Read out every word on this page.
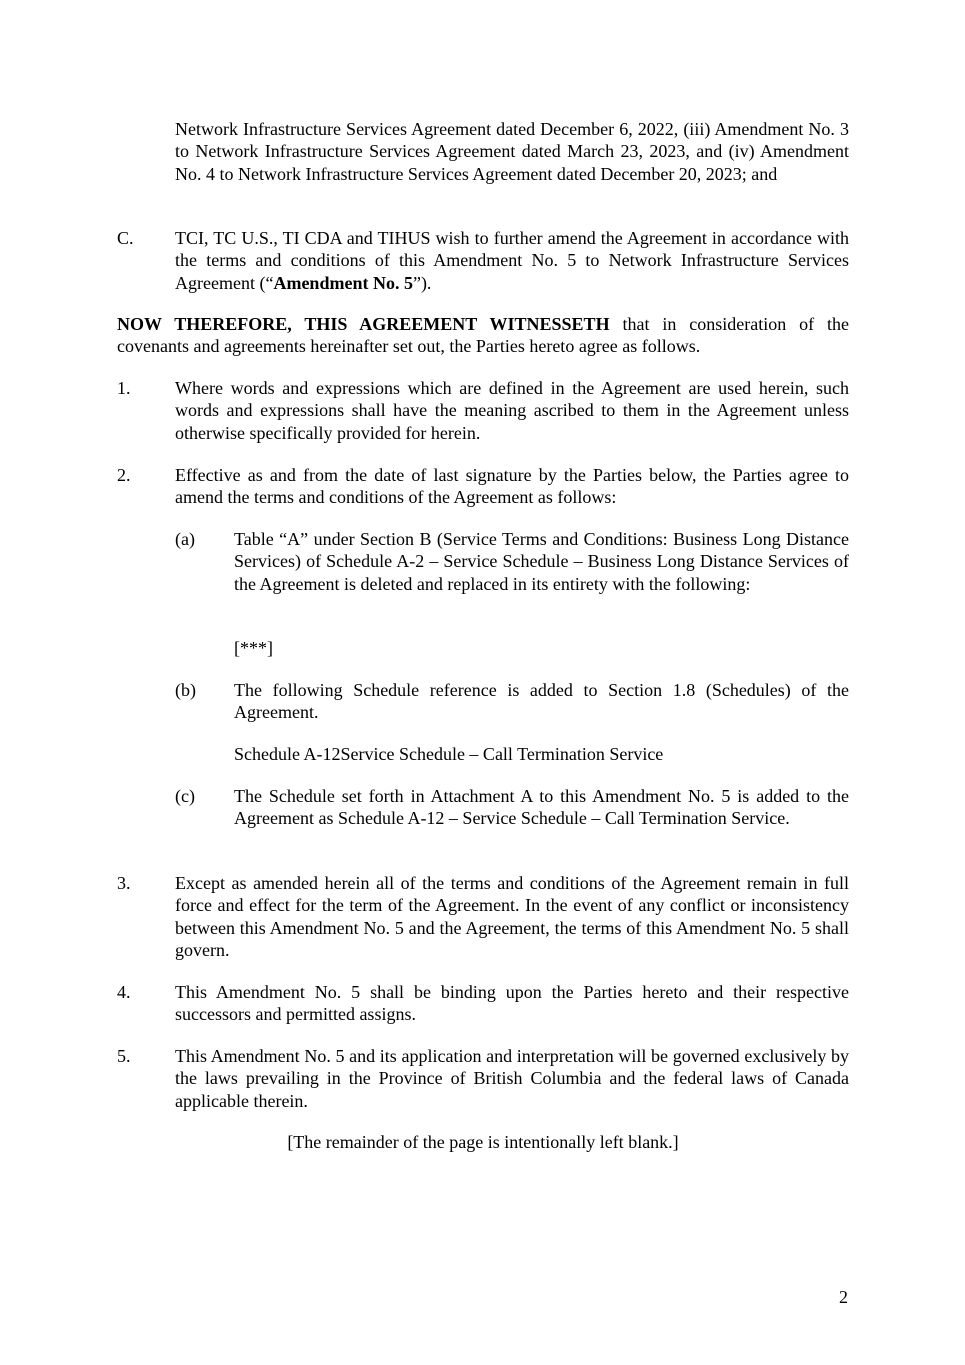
Network Infrastructure Services Agreement dated December 6, 2022, (iii) Amendment No. 3 to Network Infrastructure Services Agreement dated March 23, 2023, and (iv) Amendment No. 4 to Network Infrastructure Services Agreement dated December 20, 2023; and
C. TCI, TC U.S., TI CDA and TIHUS wish to further amend the Agreement in accordance with the terms and conditions of this Amendment No. 5 to Network Infrastructure Services Agreement (“Amendment No. 5”).
NOW THEREFORE, THIS AGREEMENT WITNESSETH that in consideration of the covenants and agreements hereinafter set out, the Parties hereto agree as follows.
1. Where words and expressions which are defined in the Agreement are used herein, such words and expressions shall have the meaning ascribed to them in the Agreement unless otherwise specifically provided for herein.
2. Effective as and from the date of last signature by the Parties below, the Parties agree to amend the terms and conditions of the Agreement as follows:
(a) Table “A” under Section B (Service Terms and Conditions: Business Long Distance Services) of Schedule A-2 – Service Schedule – Business Long Distance Services of the Agreement is deleted and replaced in its entirety with the following:
[***]
(b) The following Schedule reference is added to Section 1.8 (Schedules) of the Agreement.
Schedule A-12Service Schedule – Call Termination Service
(c) The Schedule set forth in Attachment A to this Amendment No. 5 is added to the Agreement as Schedule A-12 – Service Schedule – Call Termination Service.
3. Except as amended herein all of the terms and conditions of the Agreement remain in full force and effect for the term of the Agreement. In the event of any conflict or inconsistency between this Amendment No. 5 and the Agreement, the terms of this Amendment No. 5 shall govern.
4. This Amendment No. 5 shall be binding upon the Parties hereto and their respective successors and permitted assigns.
5. This Amendment No. 5 and its application and interpretation will be governed exclusively by the laws prevailing in the Province of British Columbia and the federal laws of Canada applicable therein.
[The remainder of the page is intentionally left blank.]
2
